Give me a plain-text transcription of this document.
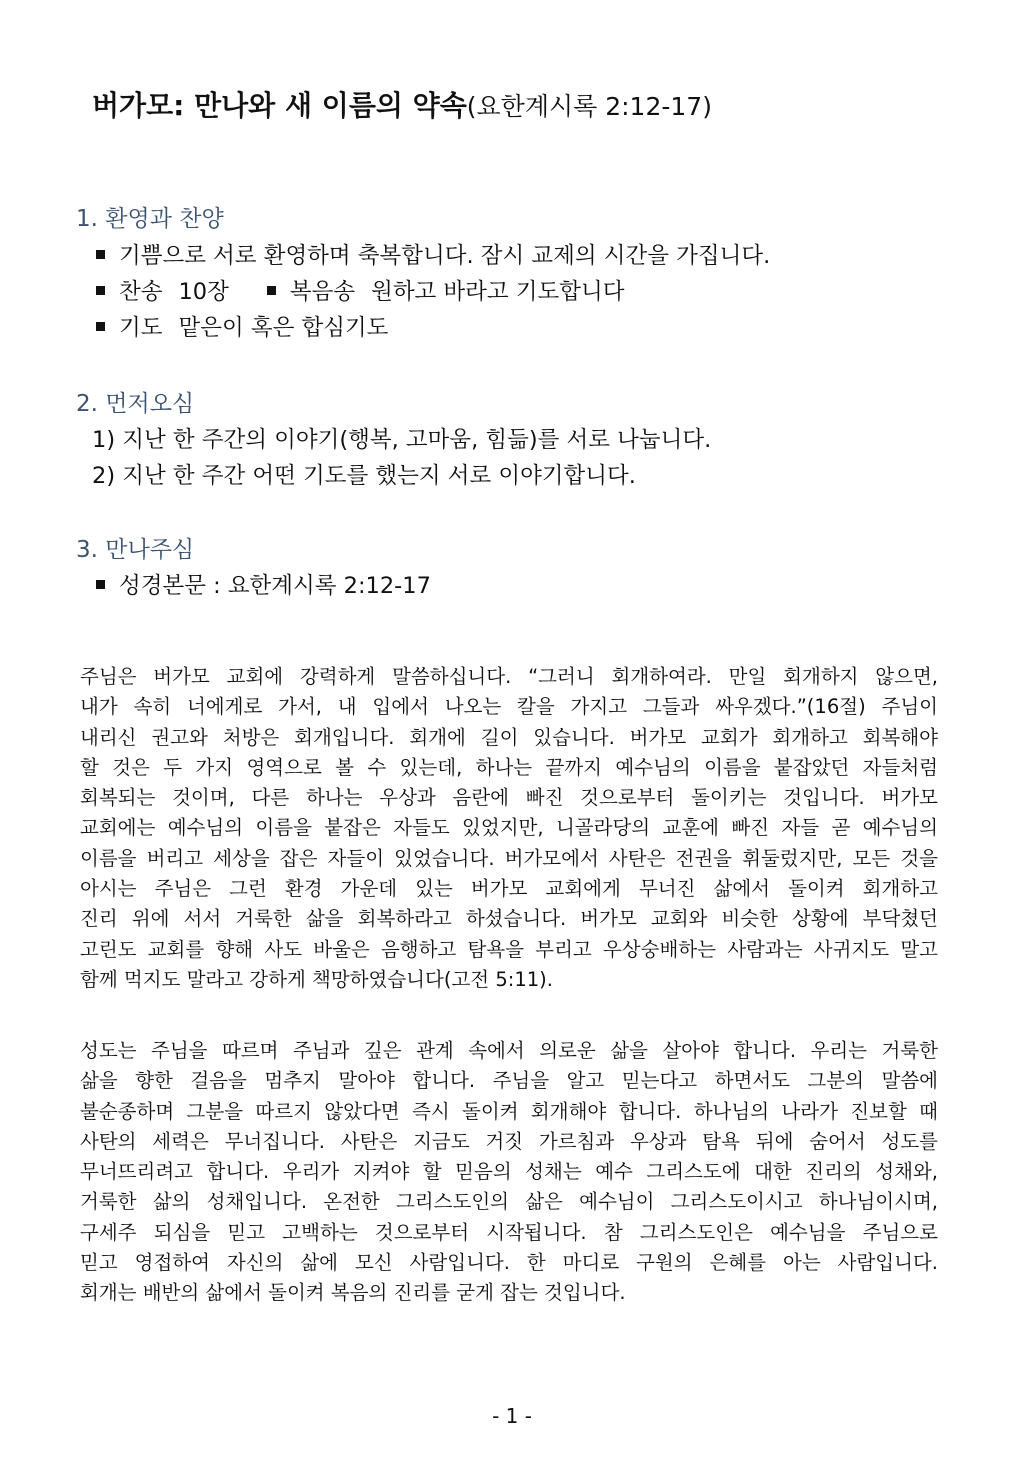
버가모: 만나와 새 이름의 약속(요한계시록 2:12-17)
1. 환영과 찬양
기쁨으로 서로 환영하며 축복합니다. 잠시 교제의 시간을 가집니다.
찬송 10장	복음송 원하고 바라고 기도합니다
기도 맡은이 혹은 합심기도
2. 먼저오심
1) 지난 한 주간의 이야기(행복, 고마움, 힘듦)를 서로 나눕니다.
2) 지난 한 주간 어떤 기도를 했는지 서로 이야기합니다.
3. 만나주심
성경본문 : 요한계시록 2:12-17
주님은 버가모 교회에 강력하게 말씀하십니다. “그러니 회개하여라. 만일 회개하지 않으면,
내가 속히 너에게로 가서, 내 입에서 나오는 칼을 가지고 그들과 싸우겠다.”(16절) 주님이
내리신 권고와 처방은 회개입니다. 회개에 길이 있습니다. 버가모 교회가 회개하고 회복해야
할 것은 두 가지 영역으로 볼 수 있는데, 하나는 끝까지 예수님의 이름을 붙잡았던 자들처럼
회복되는 것이며, 다른 하나는 우상과 음란에 빠진 것으로부터 돌이키는 것입니다. 버가모
교회에는 예수님의 이름을 붙잡은 자들도 있었지만, 니골라당의 교훈에 빠진 자들 곧 예수님의
이름을 버리고 세상을 잡은 자들이 있었습니다. 버가모에서 사탄은 전권을 휘둘렀지만, 모든 것을
아시는 주님은 그런 환경 가운데 있는 버가모 교회에게 무너진 삶에서 돌이켜 회개하고
진리 위에 서서 거룩한 삶을 회복하라고 하셨습니다. 버가모 교회와 비슷한 상황에 부닥쳤던
고린도 교회를 향해 사도 바울은 음행하고 탐욕을 부리고 우상숭배하는 사람과는 사귀지도 말고
함께 먹지도 말라고 강하게 책망하였습니다(고전 5:11).
성도는 주님을 따르며 주님과 깊은 관계 속에서 의로운 삶을 살아야 합니다. 우리는 거룩한
삶을 향한 걸음을 멈추지 말아야 합니다. 주님을 알고 믿는다고 하면서도 그분의 말씀에
불순종하며 그분을 따르지 않았다면 즉시 돌이켜 회개해야 합니다. 하나님의 나라가 진보할 때
사탄의 세력은 무너집니다. 사탄은 지금도 거짓 가르침과 우상과 탐욕 뒤에 숨어서 성도를
무너뜨리려고 합니다. 우리가 지켜야 할 믿음의 성채는 예수 그리스도에 대한 진리의 성채와,
거룩한 삶의 성채입니다. 온전한 그리스도인의 삶은 예수님이 그리스도이시고 하나님이시며,
구세주 되심을 믿고 고백하는 것으로부터 시작됩니다. 참 그리스도인은 예수님을 주님으로
믿고 영접하여 자신의 삶에 모신 사람입니다. 한 마디로 구원의 은혜를 아는 사람입니다.
회개는 배반의 삶에서 돌이켜 복음의 진리를 굳게 잡는 것입니다.
- 1 -
